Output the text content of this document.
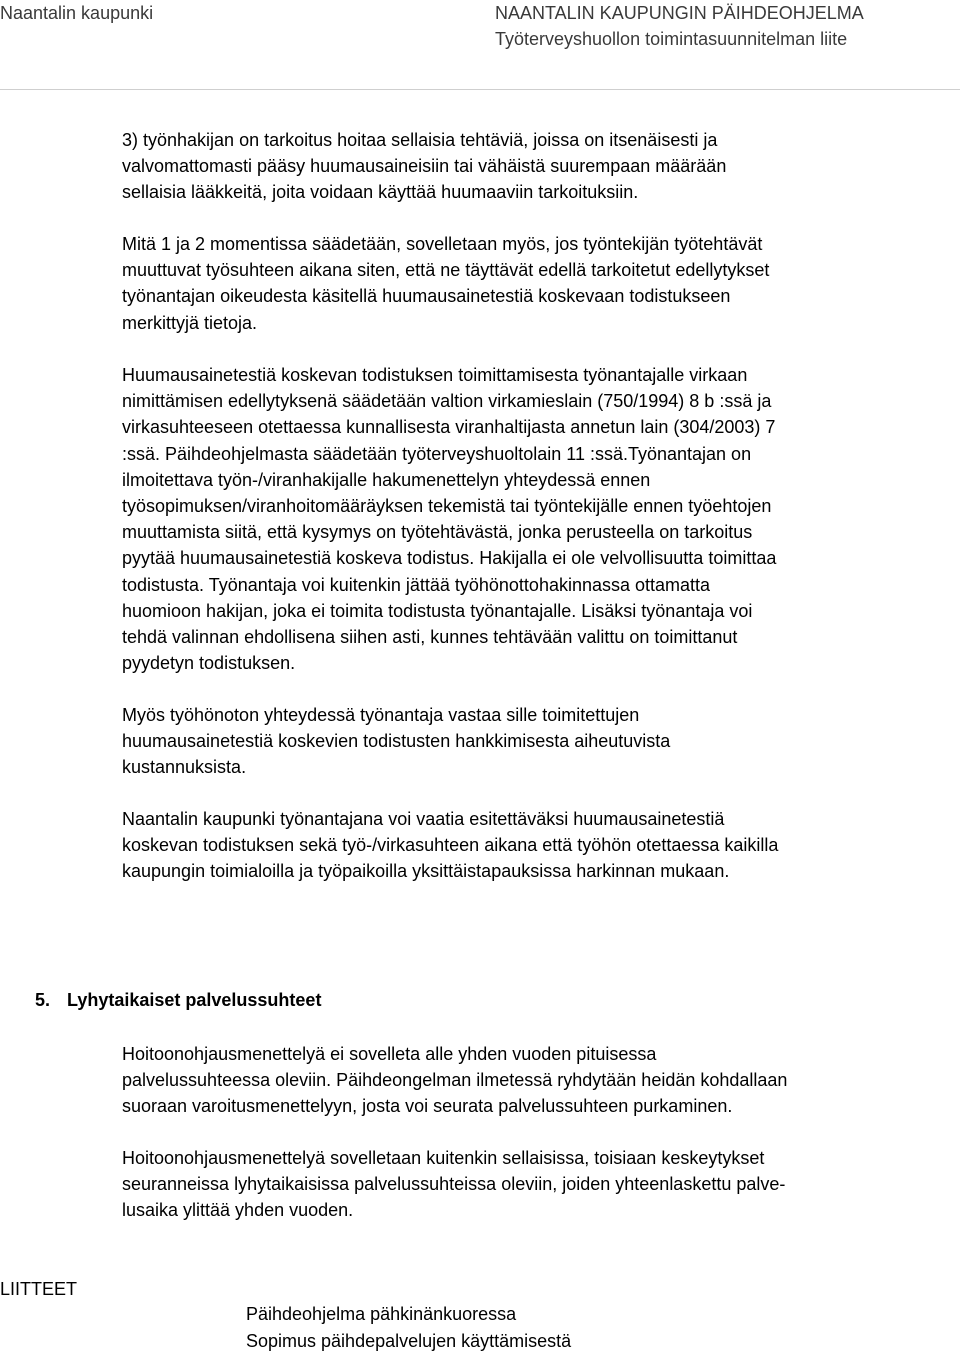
Naantalin kaupunki	NAANTALIN KAUPUNGIN PÄIHDEOHJELMA
Työterveyshuollon toimintasuunnitelman liite

3) työnhakijan on tarkoitus hoitaa sellaisia tehtäviä, joissa on itsenäisesti ja
valvomattomasti pääsy huumausaineisiin tai vähäistä suurempaan määrään
sellaisia lääkkeitä, joita voidaan käyttää huumaaviin tarkoituksiin.

Mitä 1 ja 2 momentissa säädetään, sovelletaan myös, jos työntekijän työtehtävät
muuttuvat työsuhteen aikana siten, että ne täyttävät edellä tarkoitetut edellytykset
työnantajan oikeudesta käsitellä huumausainetestiä koskevaan todistukseen
merkittyjä tietoja.

Huumausainetestiä koskevan todistuksen toimittamisesta työnantajalle virkaan
nimittämisen edellytyksenä säädetään valtion virkamieslain (750/1994) 8 b :ssä ja
virkasuhteeseen otettaessa kunnallisesta viranhaltijasta annetun lain (304/2003) 7
:ssä. Päihdeohjelmasta säädetään työterveyshuoltolain 11 :ssä.Työnantajan on
ilmoitettava työn-/viranhakijalle hakumenettelyn yhteydessä ennen
työsopimuksen/viranhoitomääräyksen tekemistä tai työntekijälle ennen työehtojen
muuttamista siitä, että kysymys on työtehtävästä, jonka perusteella on tarkoitus
pyytää huumausainetestiä koskeva todistus. Hakijalla ei ole velvollisuutta toimittaa
todistusta. Työnantaja voi kuitenkin jättää työhönottohakinnassa ottamatta
huomioon hakijan, joka ei toimita todistusta työnantajalle. Lisäksi työnantaja voi
tehdä valinnan ehdollisena siihen asti, kunnes tehtävään valittu on toimittanut
pyydetyn todistuksen.

Myös työhönoton yhteydessä työnantaja vastaa sille toimitettujen
huumausainetestiä koskevien todistusten hankkimisesta aiheutuvista
kustannuksista.

Naantalin kaupunki työnantajana voi vaatia esitettäväksi huumausainetestiä
koskevan todistuksen sekä työ-/virkasuhteen aikana että työhön otettaessa kaikilla
kaupungin toimialoilla ja työpaikoilla yksittäistapauksissa harkinnan mukaan.

5. Lyhytaikaiset palvelussuhteet

Hoitoonohjausmenettelyä ei sovelleta alle yhden vuoden pituisessa
palvelussuhteessa oleviin. Päihdeongelman ilmetessä ryhdytään heidän kohdallaan
suoraan varoitusmenettelyyn, josta voi seurata palvelussuhteen purkaminen.

Hoitoonohjausmenettelyä sovelletaan kuitenkin sellaisissa, toisiaan keskeytykset
seuranneissa lyhytaikaisissa palvelussuhteissa oleviin, joiden yhteenlaskettu palve-
lusaika ylittää yhden vuoden.

LIITTEET
Päihdeohjelma pähkinänkuoressa
Sopimus päihdepalvelujen käyttämisestä
